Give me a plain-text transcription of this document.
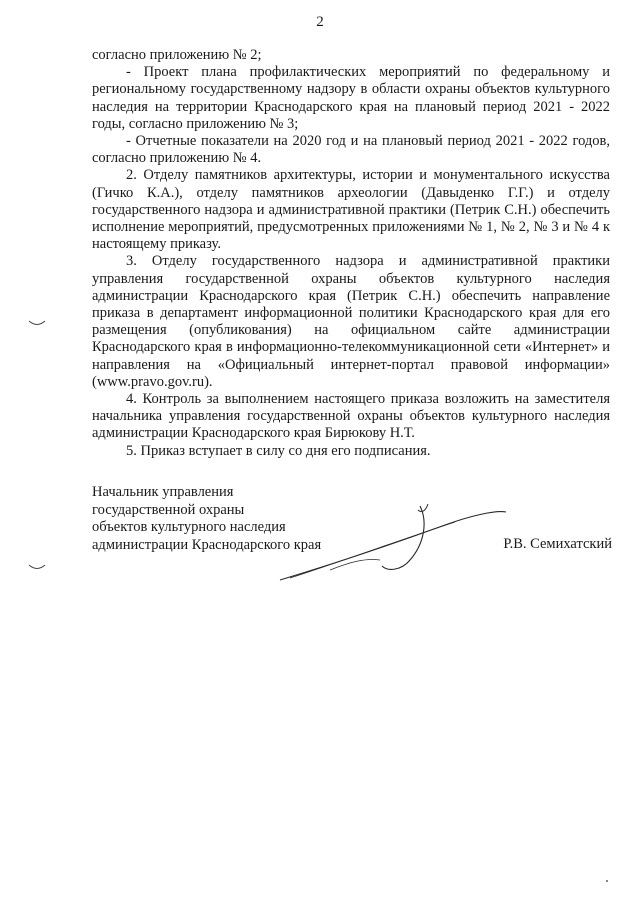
2

согласно приложению № 2;

- Проект плана профилактических мероприятий по федеральному и региональному государственному надзору в области охраны объектов культурного наследия на территории Краснодарского края на плановый период 2021 - 2022 годы, согласно приложению № 3;

- Отчетные показатели на 2020 год и на плановый период 2021 - 2022 годов, согласно приложению № 4.

2. Отделу памятников архитектуры, истории и монументального искусства (Гичко К.А.), отделу памятников археологии (Давыденко Г.Г.) и отделу государственного надзора и административной практики (Петрик С.Н.) обеспечить исполнение мероприятий, предусмотренных приложениями № 1, № 2, № 3 и № 4 к настоящему приказу.

3. Отделу государственного надзора и административной практики управления государственной охраны объектов культурного наследия администрации Краснодарского края (Петрик С.Н.) обеспечить направление приказа в департамент информационной политики Краснодарского края для его размещения (опубликования) на официальном сайте администрации Краснодарского края в информационно-телекоммуникационной сети «Интернет» и направления на «Официальный интернет-портал правовой информации» (www.pravo.gov.ru).

4. Контроль за выполнением настоящего приказа возложить на заместителя начальника управления государственной охраны объектов культурного наследия администрации Краснодарского края Бирюкову Н.Т.

5. Приказ вступает в силу со дня его подписания.

Начальник управления
государственной охраны
объектов культурного наследия
администрации Краснодарского края	Р.В. Семихатский
